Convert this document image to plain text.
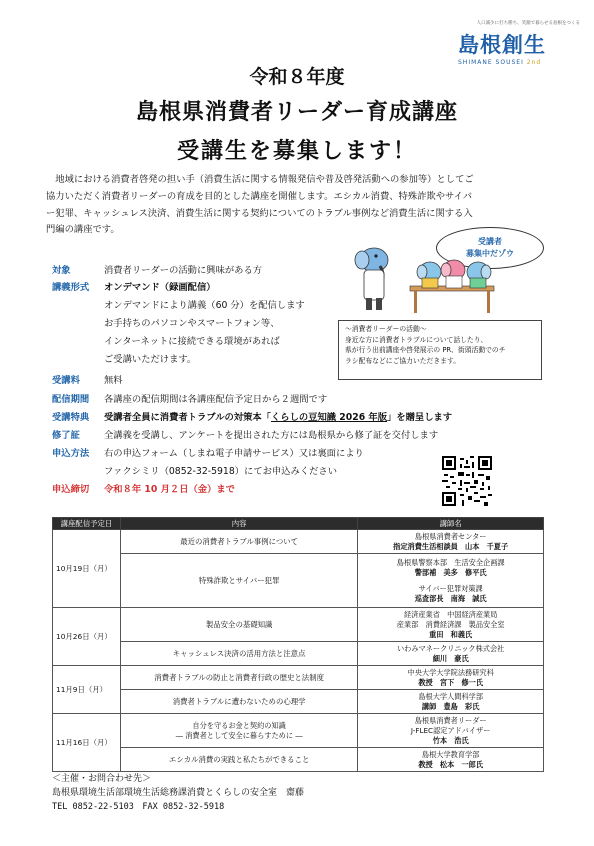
人口減少に打ち勝ち、笑顔で暮らせる島根をつくる
島根創生
SHIMANE SOUSEI 2nd
令和８年度
島根県消費者リーダー育成講座
受講生を募集します！
地域における消費者啓発の担い手（消費生活に関する情報発信や普及啓発活動への参加等）としてご
協力いただく消費者リーダーの育成を目的とした講座を開催します。エシカル消費、特殊詐欺やサイバ
ー犯罪、キャッシュレス決済、消費生活に関する契約についてのトラブル事例など消費生活に関する入
門編の講座です。
受講者
募集中だゾウ
対象	消費者リーダーの活動に興味がある方
講義形式 オンデマンド（録画配信）
オンデマンドにより講義（60 分）を配信します
お手持ちのパソコンやスマートフォン等、
インターネットに接続できる環境があれば
ご受講いただけます。
～消費者リーダーの活動～
身近な方に消費者トラブルについて話したり、
県が行う出前講座や啓発展示の PR、街頭活動でのチ
ラシ配布などにご協力いただきます。
受講料	無料
配信期間 各講座の配信期間は各講座配信予定日から２週間です
受講特典 受講者全員に消費者トラブルの対策本「くらしの豆知識 2026 年版」を贈呈します
修了証	全講義を受講し、アンケートを提出された方には島根県から修了証を交付します
申込方法 右の申込フォーム（しまね電子申請サービス）又は裏面により
ファクシミリ（0852-32-5918）にてお申込みください
申込締切 令和８年 10 月２日（金）まで
講座配信予定日	内容	講師名
10月19日（月）	最近の消費者トラブル事例について	島根県消費者センター
指定消費生活相談員　山本　千夏子

	特殊詐欺とサイバー犯罪	島根県警察本部　生活安全企画課
警部補　美多　修平氏
サイバー犯罪対策課
巡査部長　南海　誠氏

10月26日（月）	製品安全の基礎知識	経済産業省　中国経済産業局
産業部　消費経済課　製品安全室
重田　和義氏

	キャッシュレス決済の活用方法と注意点	いわみマネークリニック株式会社
細川　豪氏

11月9日（月）	消費者トラブルの防止と消費者行政の歴史と法制度	中央大学大学院法務研究科
教授　宮下　修一氏

	消費者トラブルに遭わないための心理学	島根大学人間科学部
講師　豊島　彩氏

11月16日（月）	自分を守るお金と契約の知識
― 消費者として安全に暮らすために ―	島根県消費者リーダー
J-FLEC認定アドバイザー
竹本　浩氏

	エシカル消費の実践と私たちができること	島根大学教育学部
教授　松本　一郎氏
＜主催・お問合わせ先＞
島根県環境生活部環境生活総務課消費とくらしの安全室　齋藤
TEL 0852-22-5103　FAX 0852-32-5918
